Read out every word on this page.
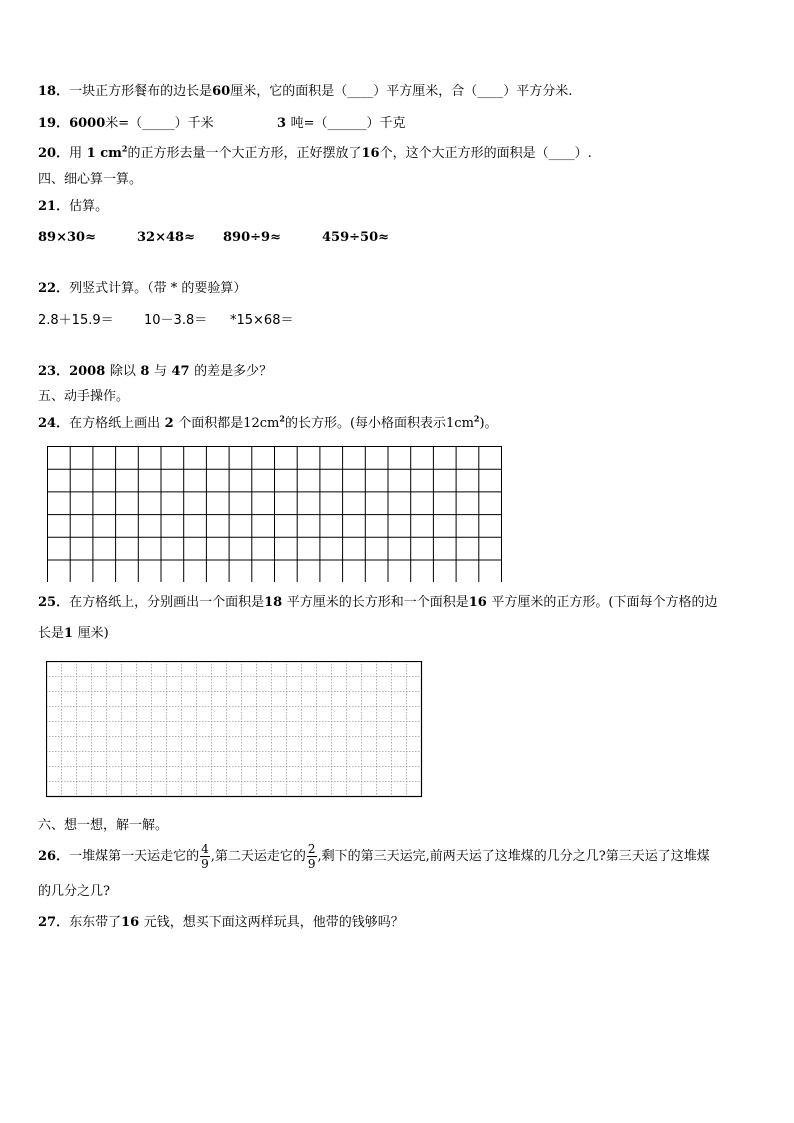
18．一块正方形餐布的边长是60厘米，它的面积是（____）平方厘米，合（____）平方分米.
19．6000米=（_____）千米	3 吨=（______）千克
20．用 1 $cm^2$的正方形去量一个大正方形，正好摆放了16个，这个大正方形的面积是（____）.
四、细心算一算。
21．估算。
89×30≈	32×48≈ 890÷9≈	459÷50≈
22．列竖式计算。（带 * 的要验算）
2.8＋15.9＝ 10－3.8＝ *15×68＝
23．2008 除以 8 与 47 的差是多少？
五、动手操作。
24．在方格纸上画出 2 个面积都是$12cm^2$的长方形。(每小格面积表示$1cm^2$)。
25．在方格纸上，分别画出一个面积是18 平方厘米的长方形和一个面积是16 平方厘米的正方形。(下面每个方格的边
长是1 厘米)
六、想一想，解一解。
26．一堆煤第一天运走它的 $\frac{4}{9}$ ,第二天运走它的 $\frac{2}{9}$ ,剩下的第三天运完,前两天运了这堆煤的几分之几?第三天运了这堆煤
的几分之几?
27．东东带了16 元钱，想买下面这两样玩具，他带的钱够吗？
